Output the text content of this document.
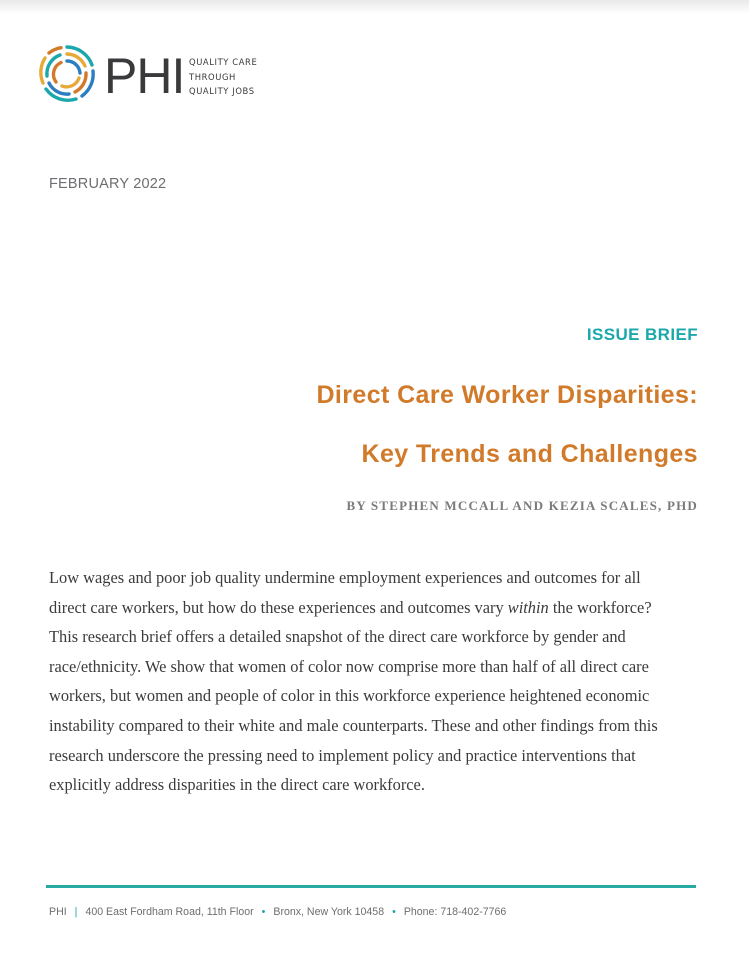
PHI QUALITY CARE
THROUGH
QUALITY JOBS
FEBRUARY 2022
ISSUE BRIEF
Direct Care Worker Disparities:
Key Trends and Challenges
BY STEPHEN MCCALL AND KEZIA SCALES, PHD
Low wages and poor job quality undermine employment experiences and outcomes for all
direct care workers, but how do these experiences and outcomes vary within the workforce?
This research brief offers a detailed snapshot of the direct care workforce by gender and
race/ethnicity. We show that women of color now comprise more than half of all direct care
workers, but women and people of color in this workforce experience heightened economic
instability compared to their white and male counterparts. These and other findings from this
research underscore the pressing need to implement policy and practice interventions that
explicitly address disparities in the direct care workforce.
PHI | 400 East Fordham Road, 11th Floor • Bronx, New York 10458 • Phone: 718-402-7766
